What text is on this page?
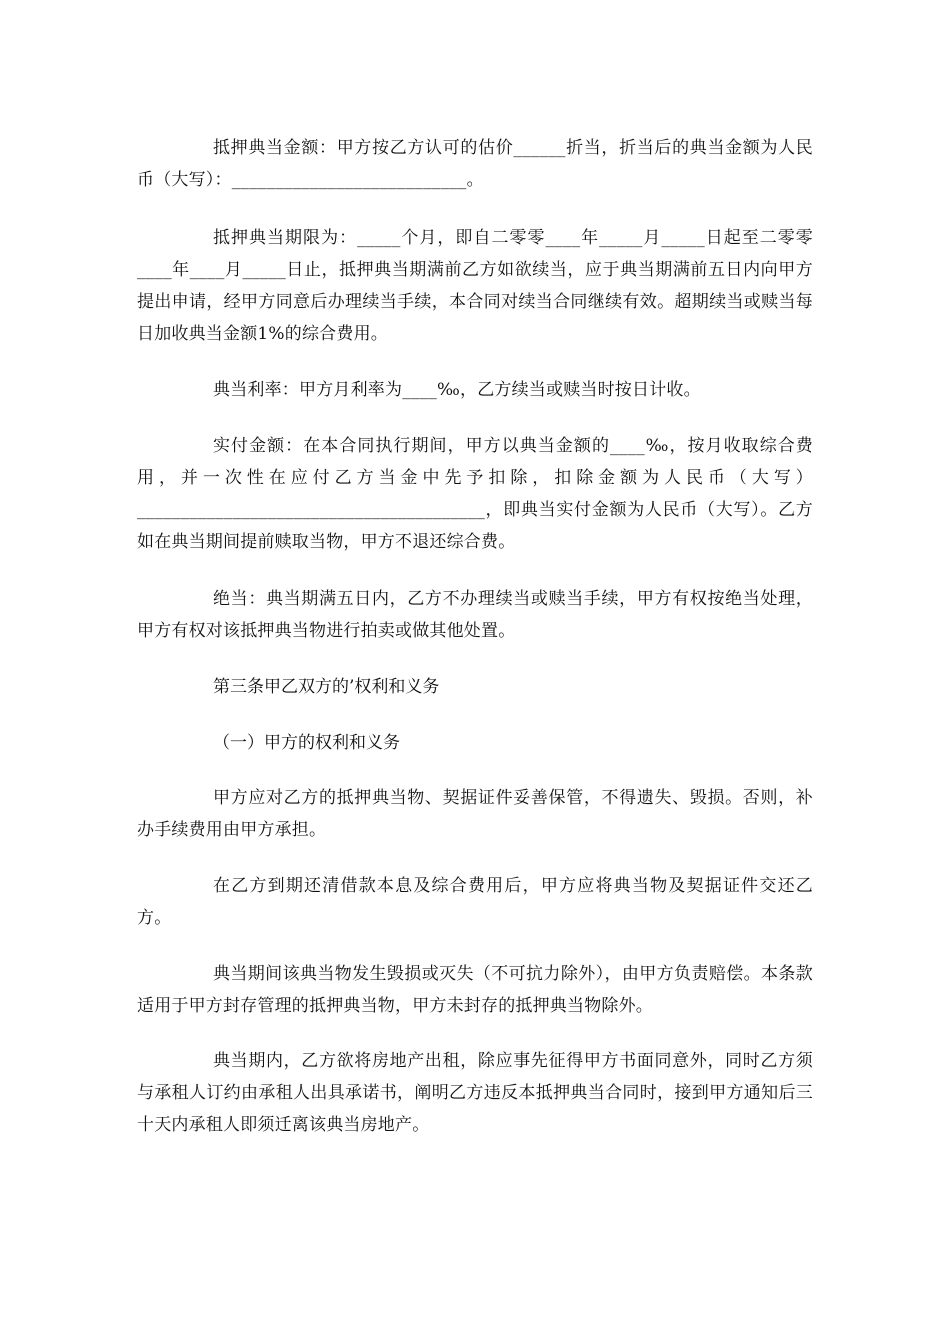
抵押典当金额：甲方按乙方认可的估价______折当，折当后的典当金额为人民币（大写）：___________________________。

抵押典当期限为：_____个月，即自二零零____年_____月_____日起至二零零____年____月_____日止，抵押典当期满前乙方如欲续当，应于典当期满前五日内向甲方提出申请，经甲方同意后办理续当手续，本合同对续当合同继续有效。超期续当或赎当每日加收典当金额1%的综合费用。

典当利率：甲方月利率为____‰，乙方续当或赎当时按日计收。

实付金额：在本合同执行期间，甲方以典当金额的____‰，按月收取综合费用，并一次性在应付乙方当金中先予扣除，扣除金额为人民币（大写）________________________________________，即典当实付金额为人民币（大写）。乙方如在典当期间提前赎取当物，甲方不退还综合费。

绝当：典当期满五日内，乙方不办理续当或赎当手续，甲方有权按绝当处理，甲方有权对该抵押典当物进行拍卖或做其他处置。

第三条甲乙双方的’权利和义务

（一）甲方的权利和义务

甲方应对乙方的抵押典当物、契据证件妥善保管，不得遗失、毁损。否则，补办手续费用由甲方承担。

在乙方到期还清借款本息及综合费用后，甲方应将典当物及契据证件交还乙方。

典当期间该典当物发生毁损或灭失（不可抗力除外），由甲方负责赔偿。本条款适用于甲方封存管理的抵押典当物，甲方未封存的抵押典当物除外。

典当期内，乙方欲将房地产出租，除应事先征得甲方书面同意外，同时乙方须与承租人订约由承租人出具承诺书，阐明乙方违反本抵押典当合同时，接到甲方通知后三十天内承租人即须迁离该典当房地产。
